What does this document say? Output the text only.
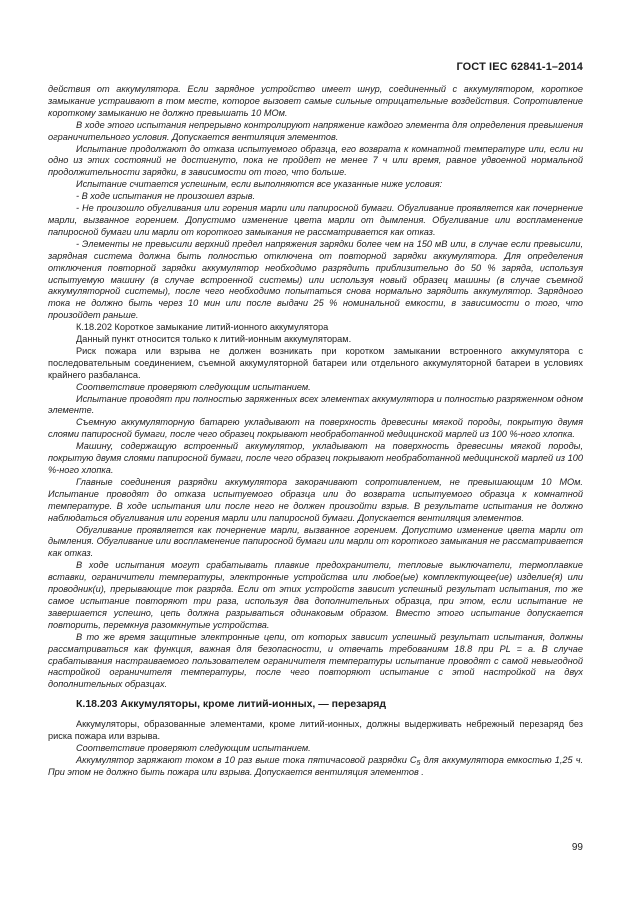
ГОСТ IEC 62841-1–2014

действия от аккумулятора. Если зарядное устройство имеет шнур, соединенный с аккумулятором, короткое замыкание устраивают в том месте, которое вызовет самые сильные отрицательные воздействия. Сопротивление короткому замыканию не должно превышать 10 МОм.

В ходе этого испытания непрерывно контролируют напряжение каждого элемента для определения превышения ограничительного условия. Допускается вентиляция элементов.

Испытание продолжают до отказа испытуемого образца, его возврата к комнатной температуре или, если ни одно из этих состояний не достигнуто, пока не пройдет не менее 7 ч или время, равное удвоенной нормальной продолжительности зарядки, в зависимости от того, что больше.

Испытание считается успешным, если выполняются все указанные ниже условия:

- В ходе испытания не произошел взрыв.

- Не произошло обугливания или горения марли или папиросной бумаги. Обугливание проявляется как почернение марли, вызванное горением. Допустимо изменение цвета марли от дымления. Обугливание или воспламенение папиросной бумаги или марли от короткого замыкания не рассматривается как отказ.

- Элементы не превысили верхний предел напряжения зарядки более чем на 150 мВ или, в случае если превысили, зарядная система должна быть полностью отключена от повторной зарядки аккумулятора. Для определения отключения повторной зарядки аккумулятор необходимо разрядить приблизительно до 50 % заряда, используя испытуемую машину (в случае встроенной системы) или используя новый образец машины (в случае съемной аккумуляторной системы), после чего необходимо попытаться снова нормально зарядить аккумулятор. Зарядного тока не должно быть через 10 мин или после выдачи 25 % номинальной емкости, в зависимости о того, что произойдет раньше.

К.18.202 Короткое замыкание литий-ионного аккумулятора

Данный пункт относится только к литий-ионным аккумуляторам.

Риск пожара или взрыва не должен возникать при коротком замыкании встроенного аккумулятора с последовательным соединением, съемной аккумуляторной батареи или отдельного аккумуляторной батареи в условиях крайнего разбаланса.

Соответствие проверяют следующим испытанием.

Испытание проводят при полностью заряженных всех элементах аккумулятора и полностью разряженном одном элементе.

Съемную аккумуляторную батарею укладывают на поверхность древесины мягкой породы, покрытую двумя слоями папиросной бумаги, после чего образец покрывают необработанной медицинской марлей из 100 %-ного хлопка.

Машину, содержащую встроенный аккумулятор, укладывают на поверхность древесины мягкой породы, покрытую двумя слоями папиросной бумаги, после чего образец покрывают необработанной медицинской марлей из 100 %-ного хлопка.

Главные соединения разрядки аккумулятора закорачивают сопротивлением, не превышающим 10 МОм. Испытание проводят до отказа испытуемого образца или до возврата испытуемого образца к комнатной температуре. В ходе испытания или после него не должен произойти взрыв. В результате испытания не должно наблюдаться обугливания или горения марли или папиросной бумаги. Допускается вентиляция элементов.

Обугливание проявляется как почернение марли, вызванное горением. Допустимо изменение цвета марли от дымления. Обугливание или воспламенение папиросной бумаги или марли от короткого замыкания не рассматривается как отказ.

В ходе испытания могут срабатывать плавкие предохранители, тепловые выключатели, термоплавкие вставки, ограничители температуры, электронные устройства или любое(ые) комплектующее(ие) изделие(я) или проводник(и), прерывающие ток разряда. Если от этих устройств зависит успешный результат испытания, то же самое испытание повторяют три раза, используя два дополнительных образца, при этом, если испытание не завершается успешно, цепь должна разрываться одинаковым образом. Вместо этого испытание допускается повторить, перемкнув разомкнутые устройства.

В то же время защитные электронные цепи, от которых зависит успешный результат испытания, должны рассматриваться как функция, важная для безопасности, и отвечать требованиям 18.8 при PL = a. В случае срабатывания настраиваемого пользователем ограничителя температуры испытание проводят с самой невыгодной настройкой ограничителя температуры, после чего повторяют испытание с этой настройкой на двух дополнительных образцах.

К.18.203 Аккумуляторы, кроме литий-ионных, — перезаряд

Аккумуляторы, образованные элементами, кроме литий-ионных, должны выдерживать небрежный перезаряд без риска пожара или взрыва.

Соответствие проверяют следующим испытанием.

Аккумулятор заряжают током в 10 раз выше тока пятичасовой разрядки $С_5$ для аккумулятора емкостью 1,25 ч. При этом не должно быть пожара или взрыва. Допускается вентиляция элементов .

99
